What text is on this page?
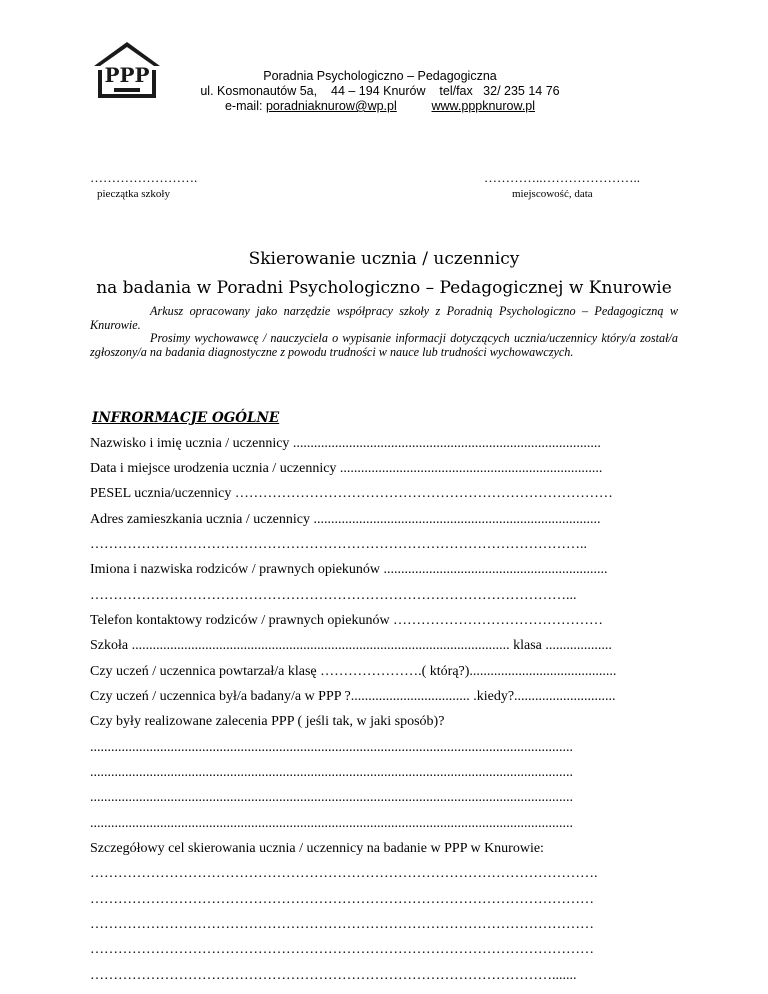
PPP	Poradnia Psychologiczno – Pedagogiczna
ul. Kosmonautów 5a,    44 – 194 Knurów    tel/fax   32/ 235 14 76
e-mail: poradniaknurow@wp.pl	www.pppknurow.pl
…………………….
pieczątka szkoły
…………..…………………..
miejscowość, data
Skierowanie ucznia / uczennicy
na badania w Poradni Psychologiczno – Pedagogicznej w Knurowie

Arkusz opracowany jako narzędzie współpracy szkoły z Poradnią Psychologiczno – Pedagogiczną w Knurowie.

Prosimy wychowawcę / nauczyciela o wypisanie informacji dotyczących ucznia/uczennicy który/a został/a zgłoszony/a na badania diagnostyczne z powodu trudności w nauce lub trudności wychowawczych.

INFRORMACJE OGÓLNE
Nazwisko i imię ucznia / uczennicy ........................................................................................
Data i miejsce urodzenia ucznia / uczennicy ...........................................................................
PESEL ucznia/uczennicy ………………………………………………………………………
Adres zamieszkania ucznia / uczennicy ..................................................................................
……………………………………………………………………………………………..
Imiona i nazwiska rodziców / prawnych opiekunów ................................................................
…………………………………………………………………………………………...
Telefon kontaktowy rodziców / prawnych opiekunów ………………………………………
Szkoła ............................................................................................................ klasa ...................
Czy uczeń / uczennica powtarzał/a klasę ………………….( którą?)..........................................
Czy uczeń / uczennica był/a badany/a w PPP ?.................................. .kiedy?.............................
Czy były realizowane zalecenia PPP ( jeśli tak, w jaki sposób)?
..........................................................................................................................................
..........................................................................................................................................
..........................................................................................................................................
..........................................................................................................................................
Szczegółowy cel skierowania ucznia / uczennicy na badanie w PPP w Knurowie:
……………………………………………………………………………………………….
………………………………………………………………………………………………
………………………………………………………………………………………………
………………………………………………………………………………………………
……………………………………………………………………………………….......
